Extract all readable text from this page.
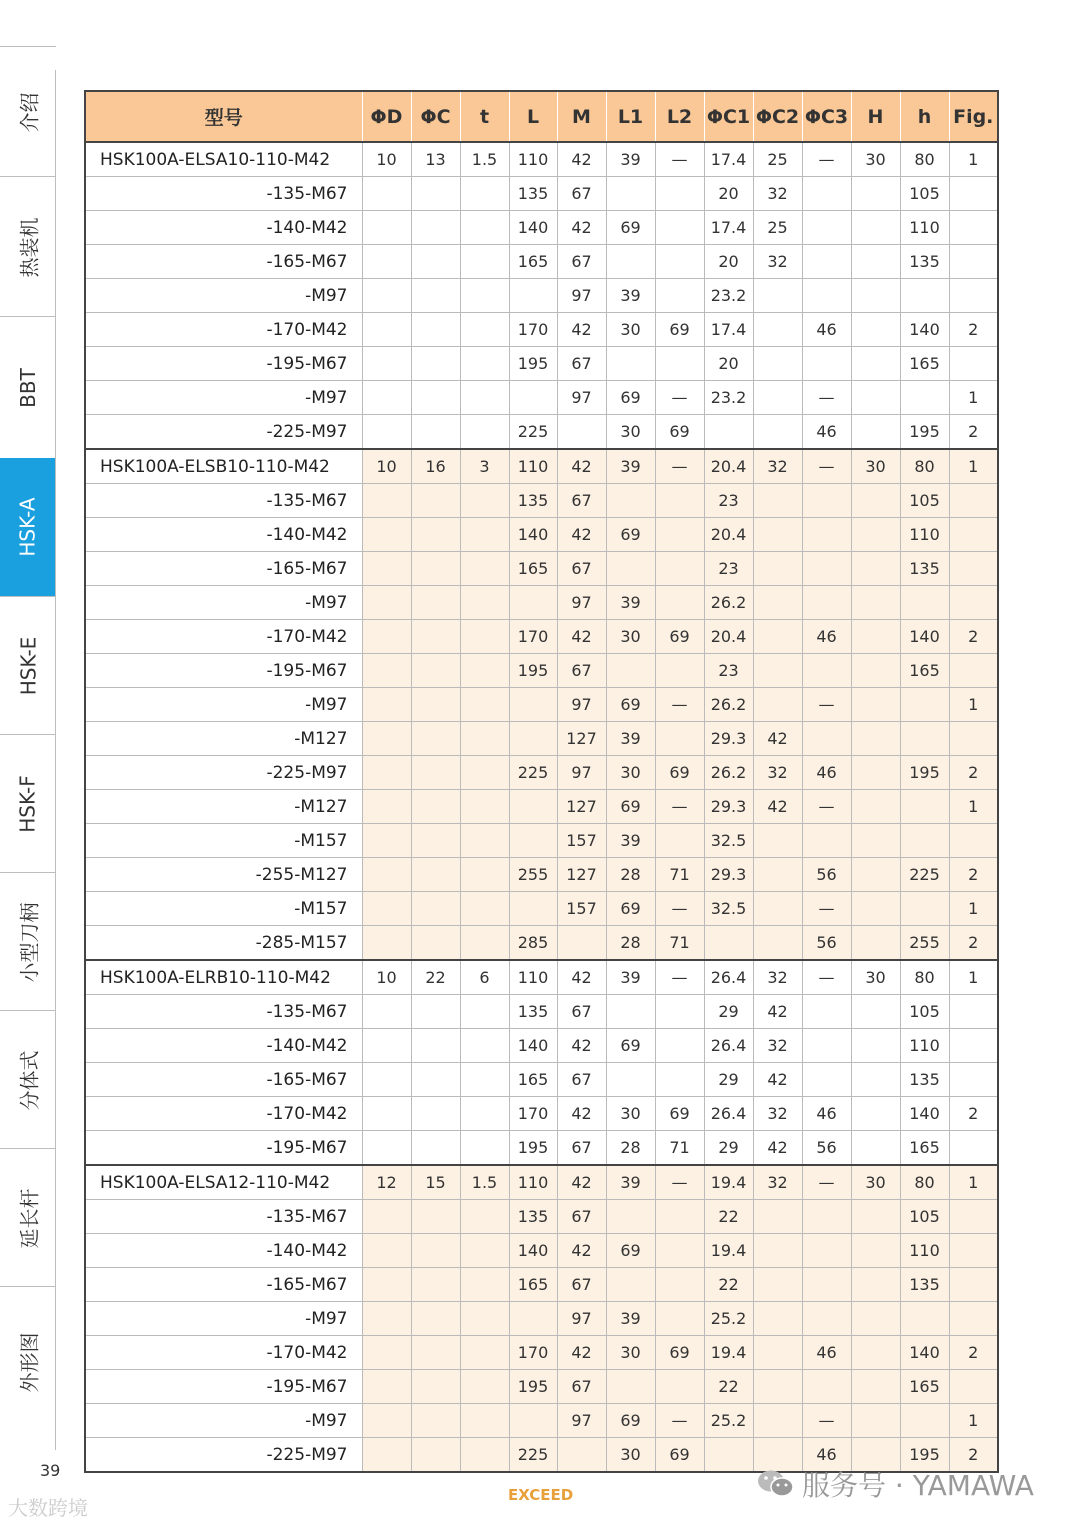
介绍
热装机
BBT
HSK-A
HSK-E
HSK-F
小型刀柄
分体式
延长杆
外形图
型号	ΦD	ΦC	t	L	M	L1	L2	ΦC1	ΦC2	ΦC3	H	h	Fig.
HSK100A-ELSA10-110-M42	10	13	1.5	110	42	39	—	17.4	25	—	30	80	1
-135-M67				135	67			20	32			105	
-140-M42				140	42	69		17.4	25			110	
-165-M67				165	67			20	32			135	
-M97					97	39		23.2					
-170-M42				170	42	30	69	17.4		46		140	2
-195-M67				195	67			20				165	
-M97					97	69	—	23.2		—			1
-225-M97				225		30	69			46		195	2
HSK100A-ELSB10-110-M42	10	16	3	110	42	39	—	20.4	32	—	30	80	1
-135-M67				135	67			23				105	
-140-M42				140	42	69		20.4				110	
-165-M67				165	67			23				135	
-M97					97	39		26.2					
-170-M42				170	42	30	69	20.4		46		140	2
-195-M67				195	67			23				165	
-M97					97	69	—	26.2		—			1
-M127					127	39		29.3	42				
-225-M97				225	97	30	69	26.2	32	46		195	2
-M127					127	69	—	29.3	42	—			1
-M157					157	39		32.5					
-255-M127				255	127	28	71	29.3		56		225	2
-M157					157	69	—	32.5		—			1
-285-M157				285		28	71			56		255	2
HSK100A-ELRB10-110-M42	10	22	6	110	42	39	—	26.4	32	—	30	80	1
-135-M67				135	67			29	42			105	
-140-M42				140	42	69		26.4	32			110	
-165-M67				165	67			29	42			135	
-170-M42				170	42	30	69	26.4	32	46		140	2
-195-M67				195	67	28	71	29	42	56		165	
HSK100A-ELSA12-110-M42	12	15	1.5	110	42	39	—	19.4	32	—	30	80	1
-135-M67				135	67			22				105	
-140-M42				140	42	69		19.4				110	
-165-M67				165	67			22				135	
-M97					97	39		25.2					
-170-M42				170	42	30	69	19.4		46		140	2
-195-M67				195	67			22				165	
-M97					97	69	—	25.2		—			1
-225-M97				225		30	69			46		195	2
39
EXCEED
大数跨境
服务号 · YAMAWA
